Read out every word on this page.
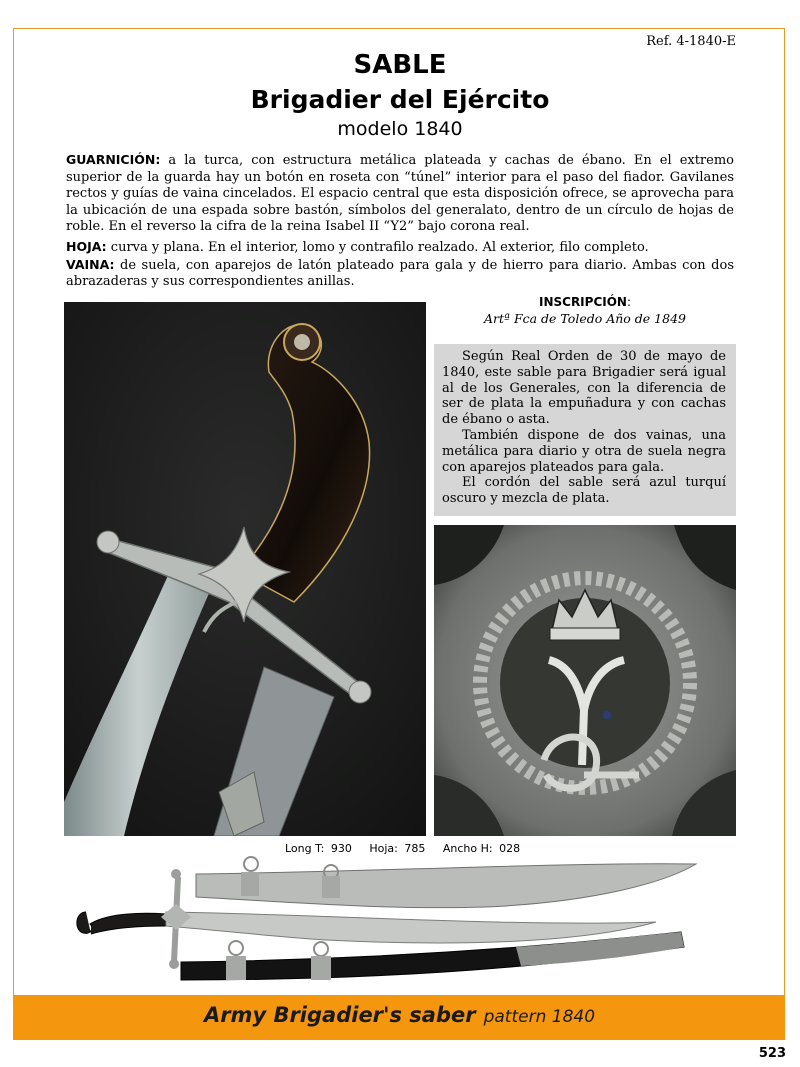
Ref. 4-1840-E
SABLE
Brigadier del Ejército
modelo 1840

GUARNICIÓN: a la turca, con estructura metálica plateada y cachas de ébano. En el extremo superior de la guarda hay un botón en roseta con “túnel” interior para el paso del fiador. Gavilanes rectos y guías de vaina cincelados. El espacio central que esta disposición ofrece, se aprovecha para la ubicación de una espada sobre bastón, símbolos del generalato, dentro de un círculo de hojas de roble. En el reverso la cifra de la reina Isabel II “Y2” bajo corona real.

HOJA: curva y plana. En el interior, lomo y contrafilo realzado. Al exterior, filo completo.

VAINA: de suela, con aparejos de latón plateado para gala y de hierro para diario. Ambas con dos abrazaderas y sus correspondientes anillas.

INSCRIPCIÓN:
Artª Fca de Toledo Año de 1849

Según Real Orden de 30 de mayo de 1840, este sable para Brigadier será igual al de los Generales, con la diferencia de ser de plata la empuñadura y con cachas de ébano o asta.

También dispone de dos vainas, una metálica para diario y otra de suela negra con aparejos plateados para gala.

El cordón del sable será azul turquí oscuro y mezcla de plata.

Long T: 930 Hoja: 785 Ancho H: 028
Army Brigadier's saber pattern 1840
523
